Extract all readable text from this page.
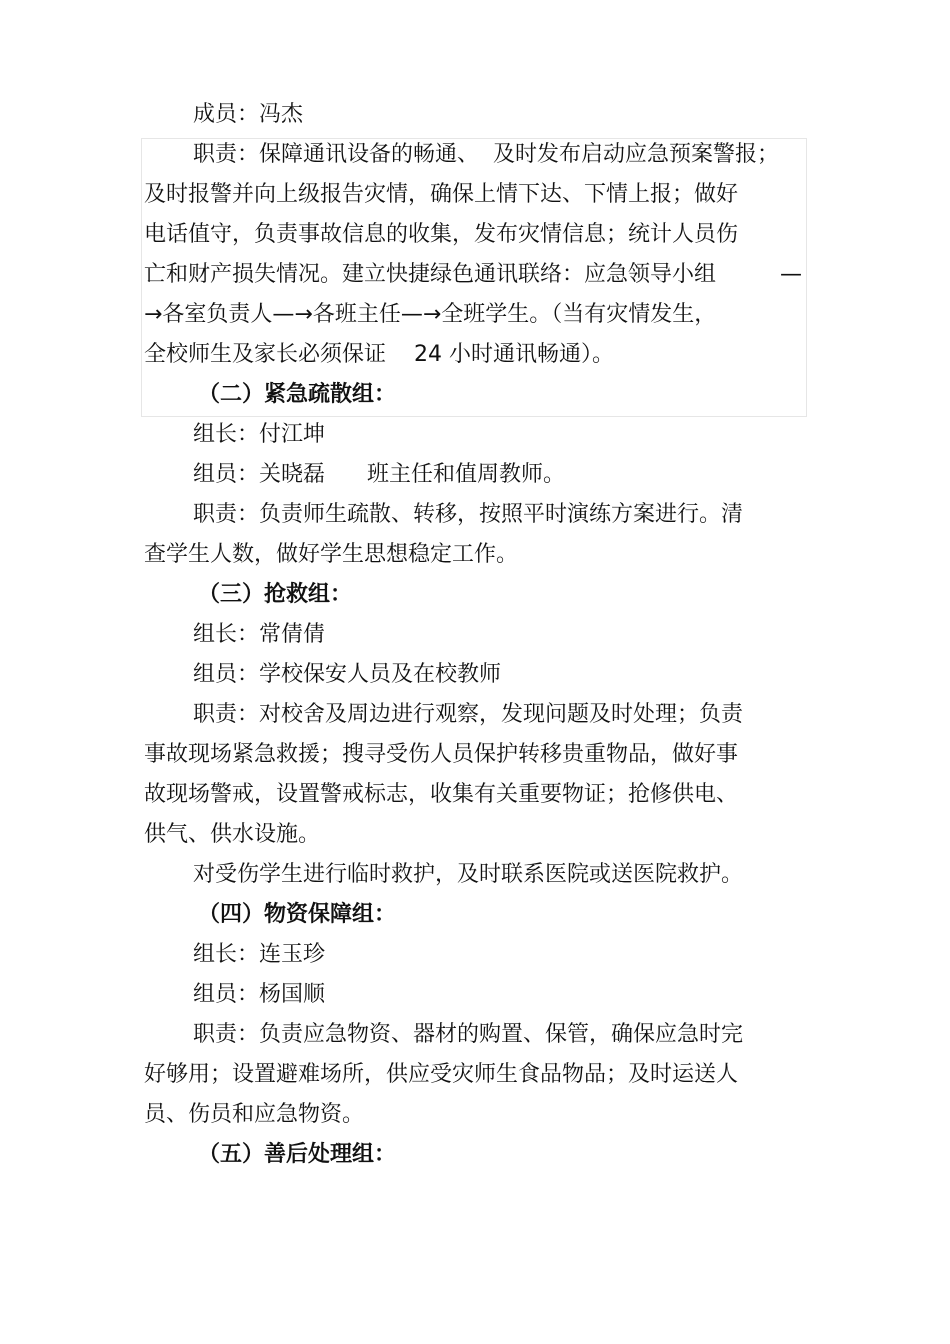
成员：冯杰
职责：保障通讯设备的畅通、 及时发布启动应急预案警报；
及时报警并向上级报告灾情，确保上情下达、下情上报；做好
电话值守，负责事故信息的收集，发布灾情信息；统计人员伤
亡和财产损失情况。建立快捷绿色通讯联络：应急领导小组	—
→各室负责人—→各班主任—→全班学生。（当有灾情发生，
全校师生及家长必须保证 24 小时通讯畅通）。
（二）紧急疏散组：
组长：付江坤
组员：关晓磊 班主任和值周教师。
职责：负责师生疏散、转移，按照平时演练方案进行。清
查学生人数，做好学生思想稳定工作。
（三）抢救组：
组长：常倩倩
组员：学校保安人员及在校教师
职责：对校舍及周边进行观察，发现问题及时处理；负责
事故现场紧急救援；搜寻受伤人员保护转移贵重物品，做好事
故现场警戒，设置警戒标志，收集有关重要物证；抢修供电、
供气、供水设施。
对受伤学生进行临时救护，及时联系医院或送医院救护。
（四）物资保障组：
组长：连玉珍
组员：杨国顺
职责：负责应急物资、器材的购置、保管，确保应急时完
好够用；设置避难场所，供应受灾师生食品物品；及时运送人
员、伤员和应急物资。
（五）善后处理组：
